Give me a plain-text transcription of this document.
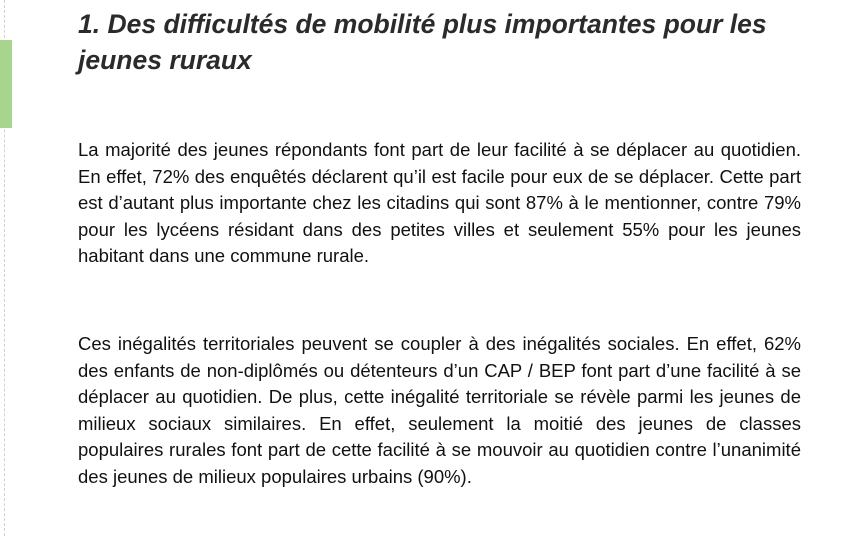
1. Des difficultés de mobilité plus importantes pour les jeunes ruraux

La majorité des jeunes répondants font part de leur facilité à se déplacer au quotidien. En effet, 72% des enquêtés déclarent qu’il est facile pour eux de se déplacer. Cette part est d’autant plus importante chez les citadins qui sont 87% à le mentionner, contre 79% pour les lycéens résidant dans des petites villes et seulement 55% pour les jeunes habitant dans une commune rurale.

Ces inégalités territoriales peuvent se coupler à des inégalités sociales. En effet, 62% des enfants de non-diplômés ou détenteurs d’un CAP / BEP font part d’une facilité à se déplacer au quotidien. De plus, cette inégalité territoriale se révèle parmi les jeunes de milieux sociaux similaires. En effet, seulement la moitié des jeunes de classes populaires rurales font part de cette facilité à se mouvoir au quotidien contre l’unanimité des jeunes de milieux populaires urbains (90%).
